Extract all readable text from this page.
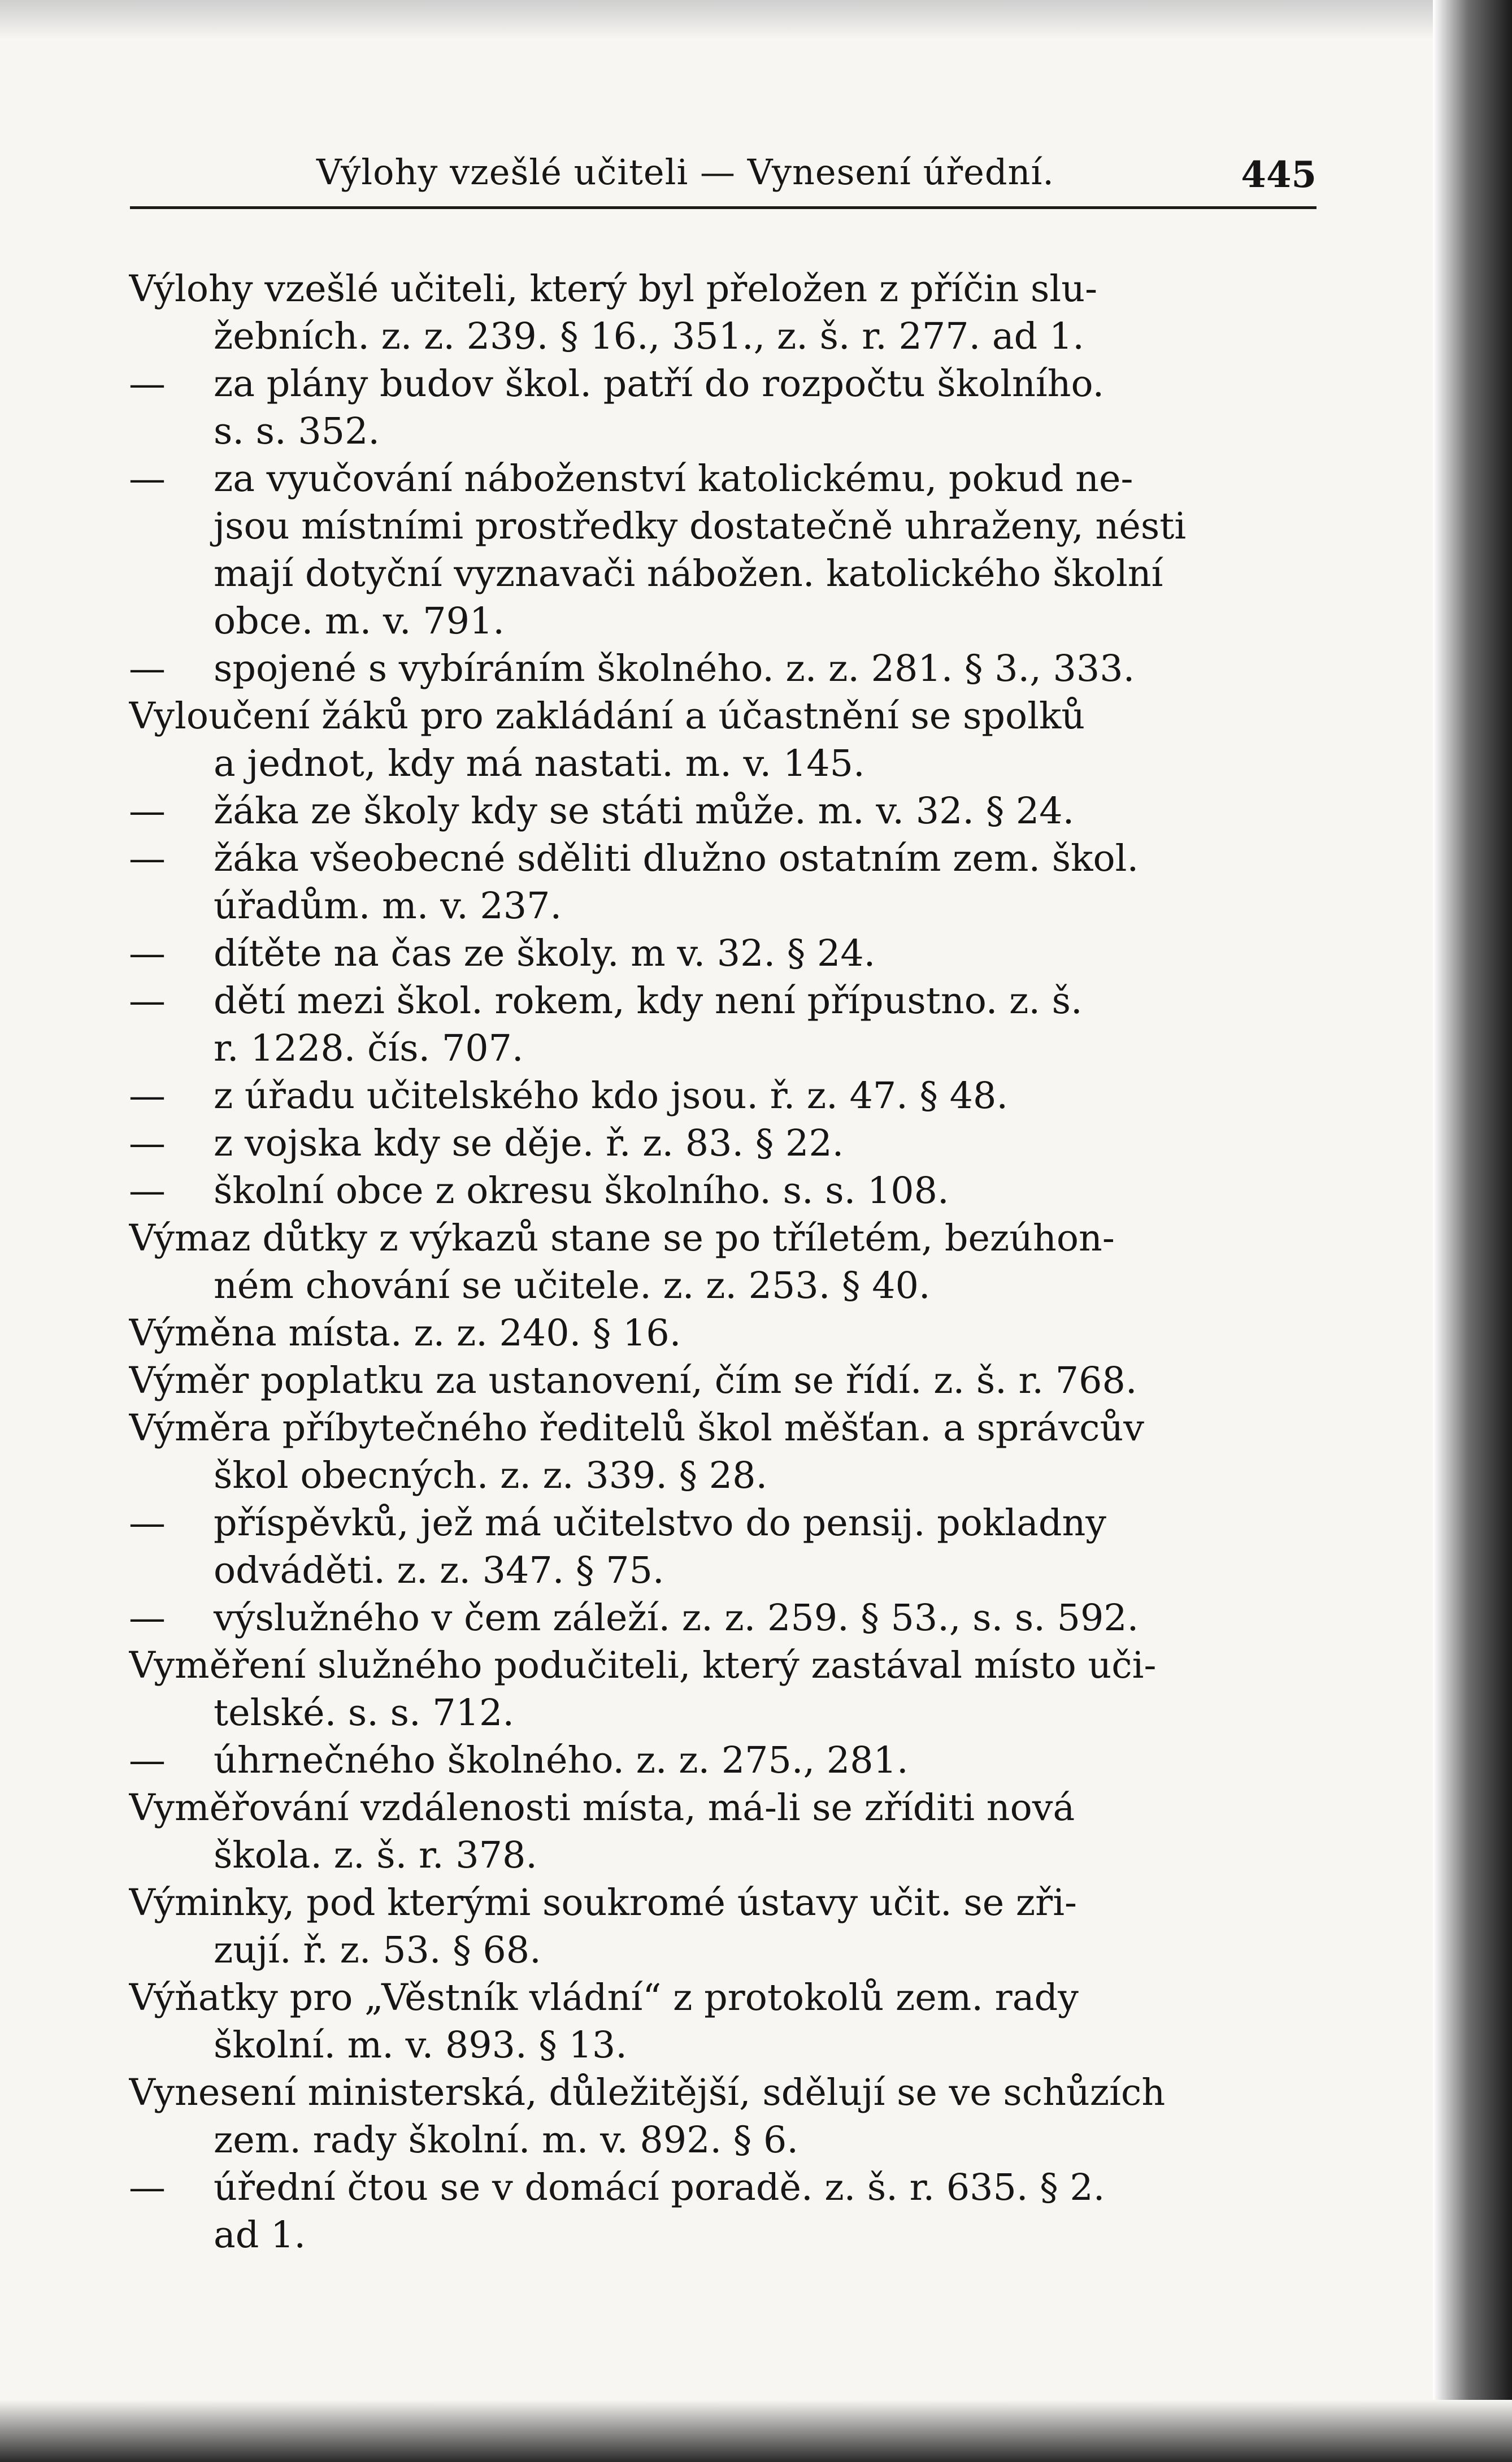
Výlohy vzešlé učiteli — Vynesení úřední.	445
Výlohy vzešlé učiteli, který byl přeložen z příčin slu-
žebních. z. z. 239. § 16., 351., z. š. r. 277. ad 1.
— za plány budov škol. patří do rozpočtu školního.
s. s. 352.
— za vyučování náboženství katolickému, pokud ne-
jsou místními prostředky dostatečně uhraženy, nésti
mají dotyční vyznavači nábožen. katolického školní
obce. m. v. 791.
— spojené s vybíráním školného. z. z. 281. § 3., 333.
Vyloučení žáků pro zakládání a účastnění se spolků
a jednot, kdy má nastati. m. v. 145.
— žáka ze školy kdy se státi může. m. v. 32. § 24.
— žáka všeobecné sděliti dlužno ostatním zem. škol.
úřadům. m. v. 237.
— dítěte na čas ze školy. m v. 32. § 24.
— dětí mezi škol. rokem, kdy není přípustno. z. š.
r. 1228. čís. 707.
— z úřadu učitelského kdo jsou. ř. z. 47. § 48.
— z vojska kdy se děje. ř. z. 83. § 22.
— školní obce z okresu školního. s. s. 108.
Výmaz důtky z výkazů stane se po tříletém, bezúhon-
ném chování se učitele. z. z. 253. § 40.
Výměna místa. z. z. 240. § 16.
Výměr poplatku za ustanovení, čím se řídí. z. š. r. 768.
Výměra příbytečného ředitelů škol měšťan. a správcův
škol obecných. z. z. 339. § 28.
— příspěvků, jež má učitelstvo do pensij. pokladny
odváděti. z. z. 347. § 75.
— výslužného v čem záleží. z. z. 259. § 53., s. s. 592.
Vyměření služného podučiteli, který zastával místo uči-
telské. s. s. 712.
— úhrnečného školného. z. z. 275., 281.
Vyměřování vzdálenosti místa, má-li se zříditi nová
škola. z. š. r. 378.
Výminky, pod kterými soukromé ústavy učit. se zři-
zují. ř. z. 53. § 68.
Výňatky pro „Věstník vládní“ z protokolů zem. rady
školní. m. v. 893. § 13.
Vynesení ministerská, důležitější, sdělují se ve schůzích
zem. rady školní. m. v. 892. § 6.
— úřední čtou se v domácí poradě. z. š. r. 635. § 2.
ad 1.
